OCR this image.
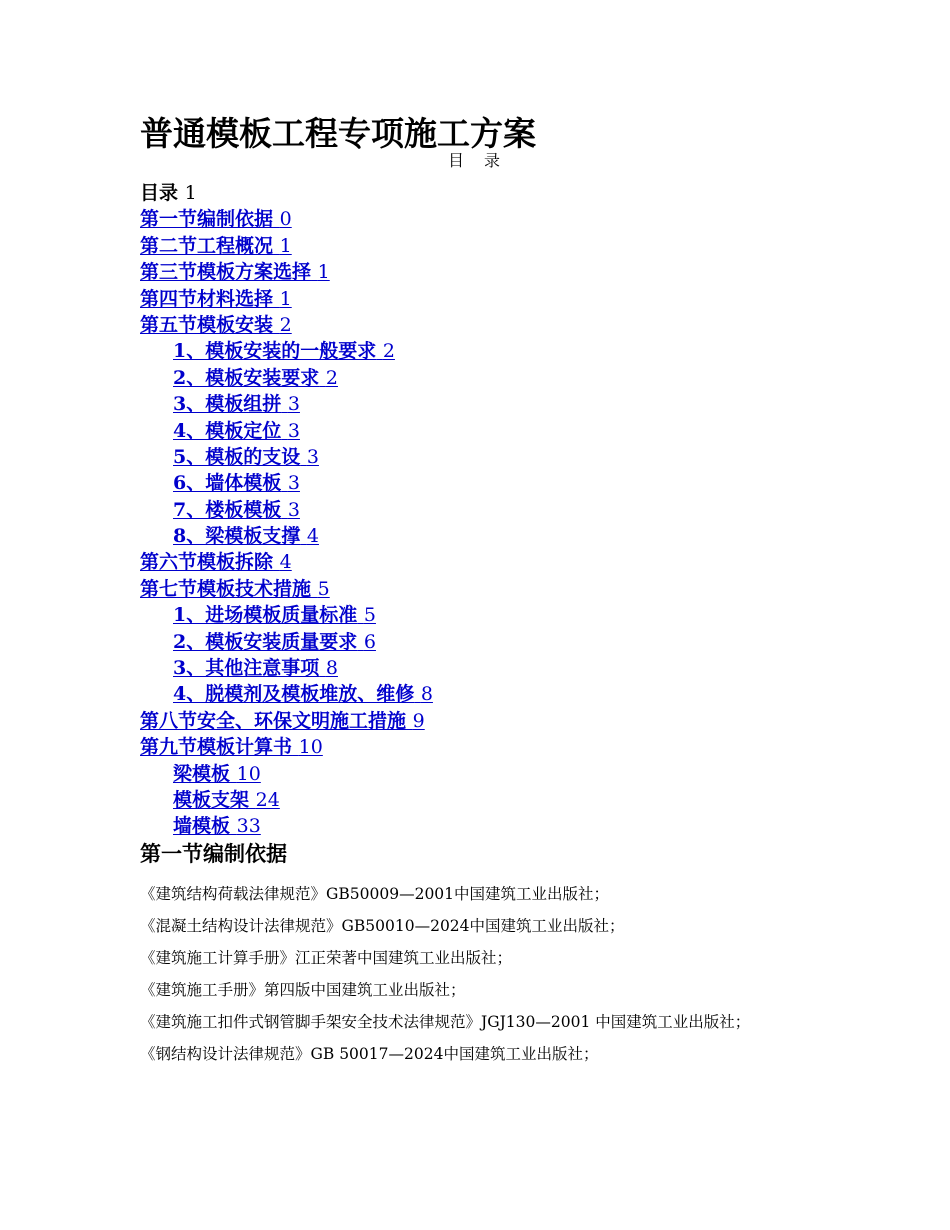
普通模板工程专项施工方案
目　录
目录 1
第一节编制依据 0
第二节工程概况 1
第三节模板方案选择 1
第四节材料选择 1
第五节模板安装 2
1、模板安装的一般要求 2
2、模板安装要求 2
3、模板组拼 3
4、模板定位 3
5、模板的支设 3
6、墙体模板 3
7、楼板模板 3
8、梁模板支撑 4
第六节模板拆除 4
第七节模板技术措施 5
1、进场模板质量标准 5
2、模板安装质量要求 6
3、其他注意事项 8
4、脱模剂及模板堆放、维修 8
第八节安全、环保文明施工措施 9
第九节模板计算书 10
梁模板 10
模板支架 24
墙模板 33
第一节编制依据
《建筑结构荷载法律规范》GB50009—2001中国建筑工业出版社；
《混凝土结构设计法律规范》GB50010—2024中国建筑工业出版社；
《建筑施工计算手册》江正荣著中国建筑工业出版社；
《建筑施工手册》第四版中国建筑工业出版社；
《建筑施工扣件式钢管脚手架安全技术法律规范》JGJ130—2001 中国建筑工业出版社；
《钢结构设计法律规范》GB 50017—2024中国建筑工业出版社；
